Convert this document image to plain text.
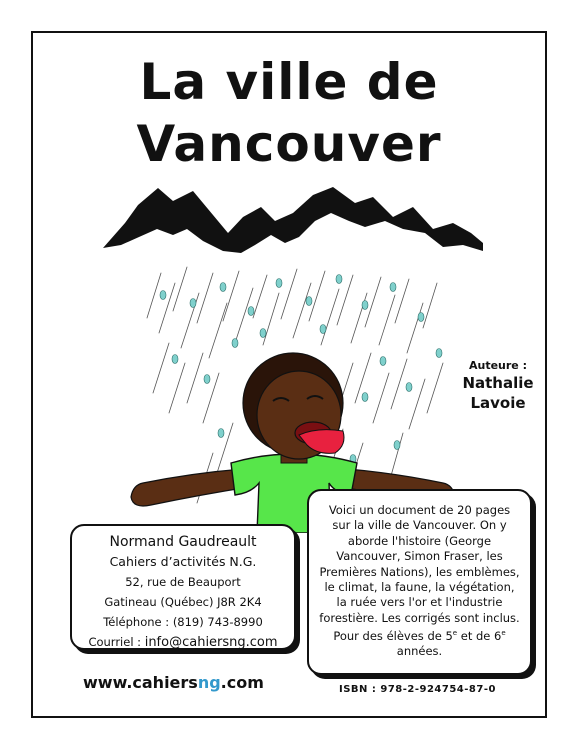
La ville de
Vancouver
Auteure :
Nathalie
Lavoie
Normand Gaudreault
Cahiers d’activités N.G.
52, rue de Beauport
Gatineau (Québec) J8R 2K4
Téléphone : (819) 743-8990
Courriel : info@cahiersng.com
Voici un document de 20 pages sur la ville de Vancouver. On y aborde l'histoire (George Vancouver, Simon Fraser, les Premières Nations), les emblèmes, le climat, la faune, la végétation, la ruée vers l'or et l'industrie forestière. Les corrigés sont inclus. Pour des élèves de 5e et de 6e années.
www.cahiersng.com	ISBN : 978-2-924754-87-0
